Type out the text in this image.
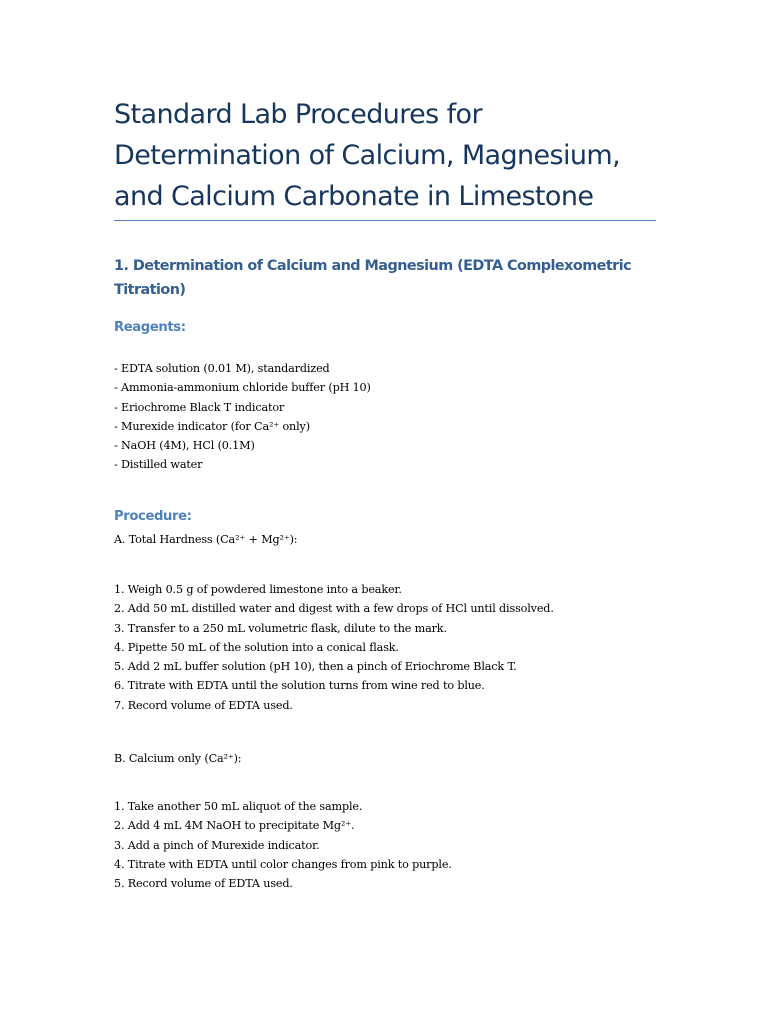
Standard Lab Procedures for Determination of Calcium, Magnesium, and Calcium Carbonate in Limestone
1. Determination of Calcium and Magnesium (EDTA Complexometric Titration)
Reagents:
- EDTA solution (0.01 M), standardized
- Ammonia-ammonium chloride buffer (pH 10)
- Eriochrome Black T indicator
- Murexide indicator (for Ca²⁺ only)
- NaOH (4M), HCl (0.1M)
- Distilled water
Procedure:

A. Total Hardness (Ca²⁺ + Mg²⁺):

1. Weigh 0.5 g of powdered limestone into a beaker.
2. Add 50 mL distilled water and digest with a few drops of HCl until dissolved.
3. Transfer to a 250 mL volumetric flask, dilute to the mark.
4. Pipette 50 mL of the solution into a conical flask.
5. Add 2 mL buffer solution (pH 10), then a pinch of Eriochrome Black T.
6. Titrate with EDTA until the solution turns from wine red to blue.
7. Record volume of EDTA used.

B. Calcium only (Ca²⁺):

1. Take another 50 mL aliquot of the sample.
2. Add 4 mL 4M NaOH to precipitate Mg²⁺.
3. Add a pinch of Murexide indicator.
4. Titrate with EDTA until color changes from pink to purple.
5. Record volume of EDTA used.
